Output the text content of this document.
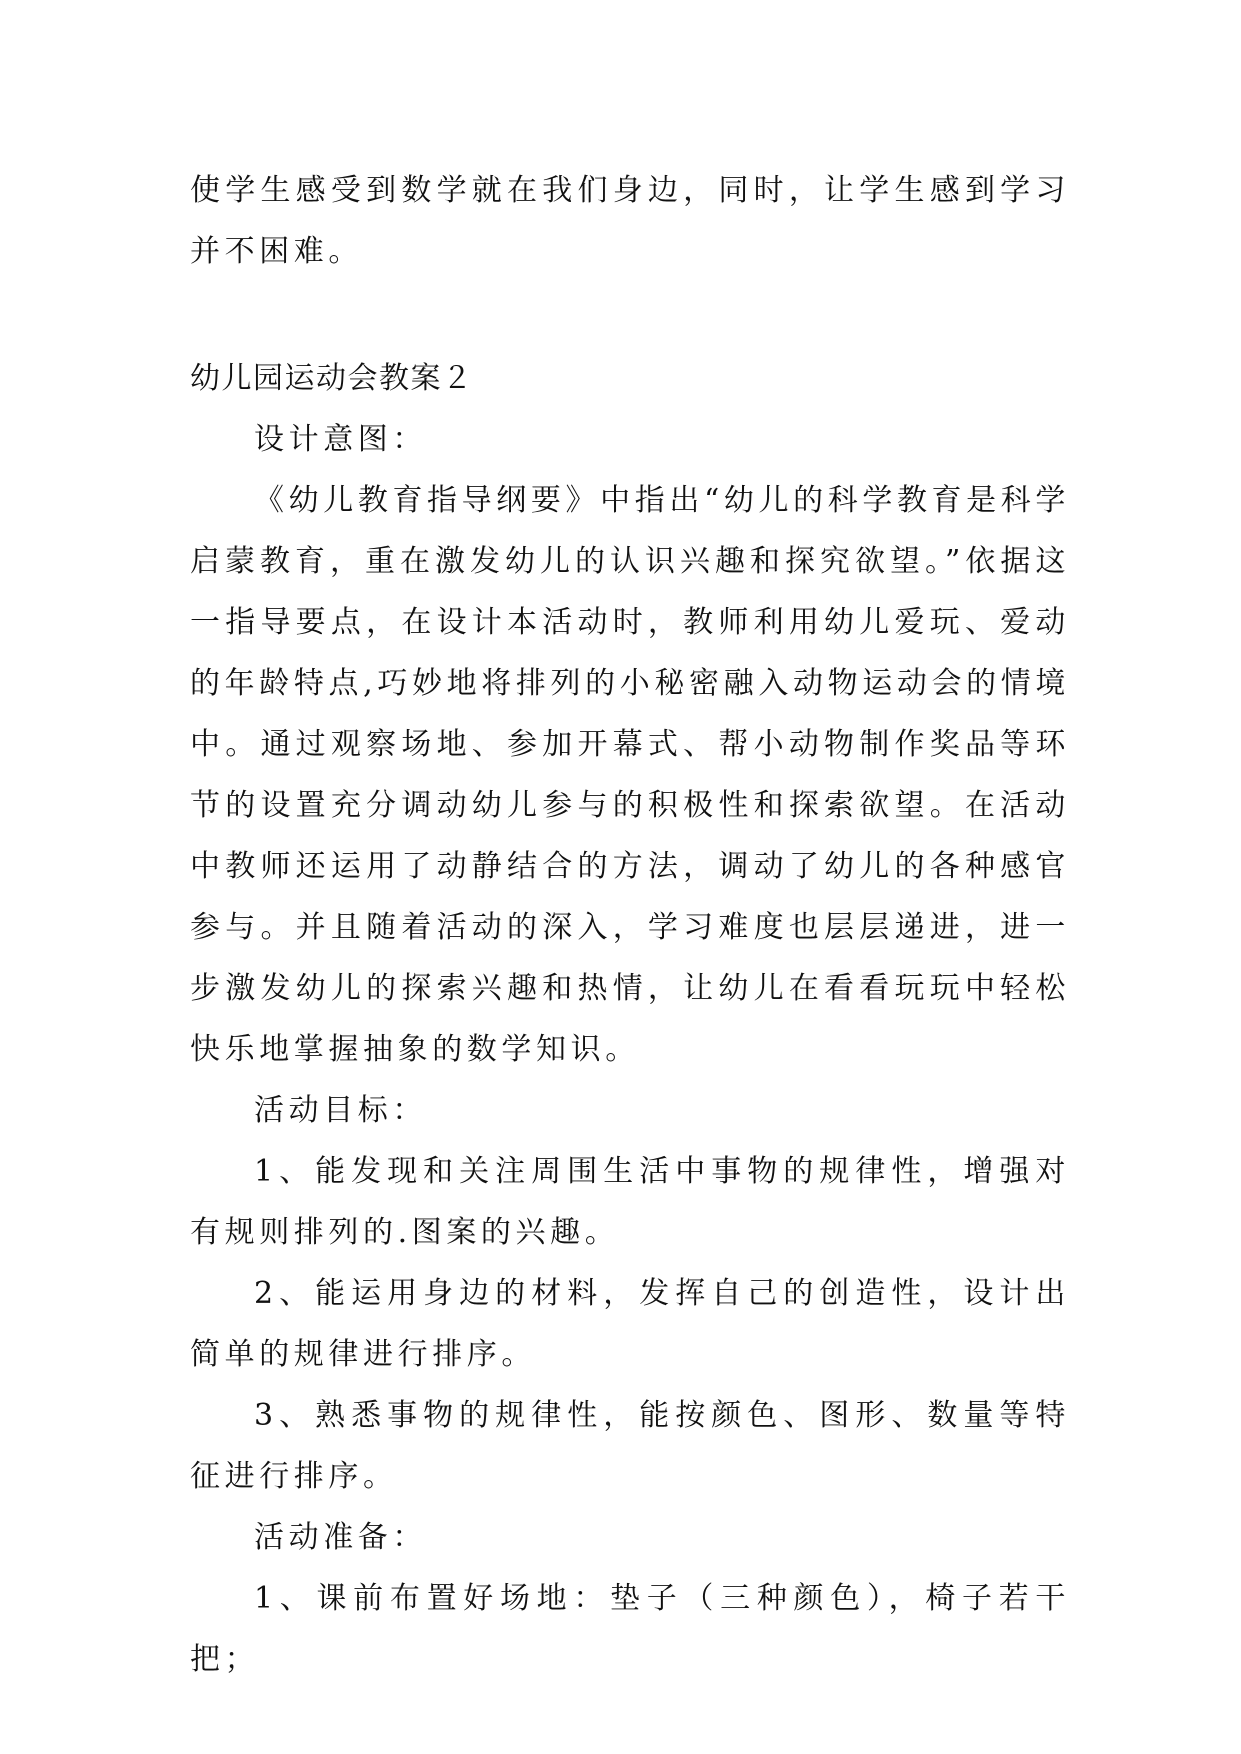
使学生感受到数学就在我们身边，同时，让学生感到学习并不困难。

幼儿园运动会教案２

设计意图：

《幼儿教育指导纲要》中指出“幼儿的科学教育是科学启蒙教育，重在激发幼儿的认识兴趣和探究欲望。”依据这一指导要点，在设计本活动时，教师利用幼儿爱玩、爱动的年龄特点,巧妙地将排列的小秘密融入动物运动会的情境中。通过观察场地、参加开幕式、帮小动物制作奖品等环节的设置充分调动幼儿参与的积极性和探索欲望。在活动中教师还运用了动静结合的方法，调动了幼儿的各种感官参与。并且随着活动的深入，学习难度也层层递进，进一步激发幼儿的探索兴趣和热情，让幼儿在看看玩玩中轻松快乐地掌握抽象的数学知识。

活动目标：

1、能发现和关注周围生活中事物的规律性，增强对有规则排列的.图案的兴趣。

2、能运用身边的材料，发挥自己的创造性，设计出简单的规律进行排序。

3、熟悉事物的规律性，能按颜色、图形、数量等特征进行排序。

活动准备：

1、课前布置好场地：垫子（三种颜色），椅子若干把；
